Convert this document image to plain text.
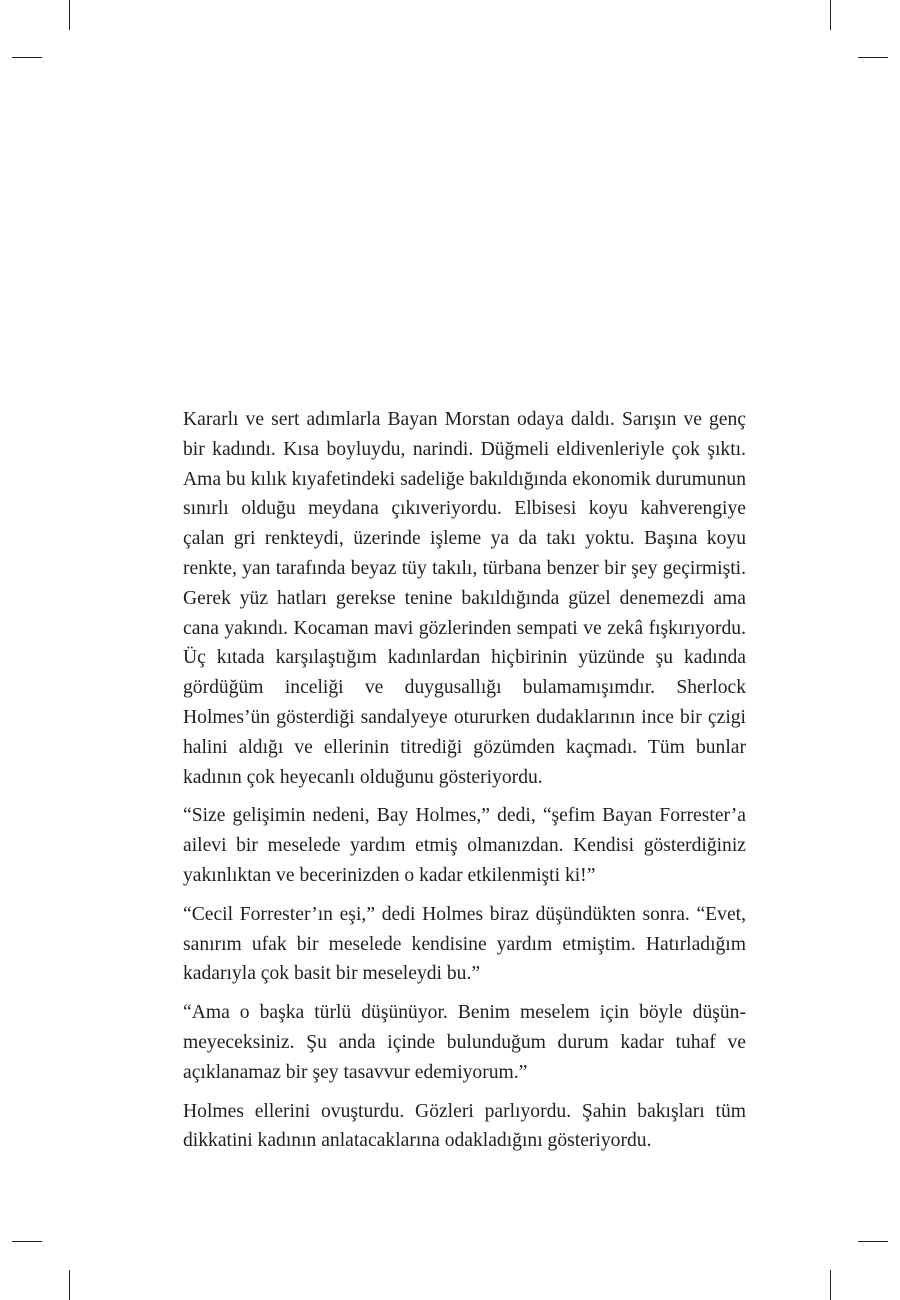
Kararlı ve sert adımlarla Bayan Morstan odaya daldı. Sarışın ve genç bir kadındı. Kısa boyluydu, narindi. Düğmeli eldivenleriyle çok şıktı. Ama bu kılık kıyafetindeki sadeliğe bakıldığında ekonomik durumunun sınırlı olduğu meydana çıkıveriyordu. Elbisesi koyu kahverengiye çalan gri renkteydi, üzerinde işleme ya da takı yoktu. Başına koyu renkte, yan tarafında beyaz tüy takılı, türbana benzer bir şey geçirmişti. Gerek yüz hatları gerekse tenine bakıldığında güzel denemezdi ama cana yakındı. Kocaman mavi gözlerinden sempati ve zekâ fışkırıyordu. Üç kıtada karşılaştığım kadınlardan hiçbirinin yüzünde şu kadında gördüğüm inceliği ve duygusallığı bulamamışımdır. Sherlock Holmes’ün gösterdiği sandalyeye otururken dudaklarının ince bir çzigi halini aldığı ve ellerinin titrediği gözümden kaçmadı. Tüm bunlar kadının çok heyecanlı olduğunu gösteriyordu.

“Size gelişimin nedeni, Bay Holmes,” dedi, “şefim Bayan Forrester’a ailevi bir meselede yardım etmiş olmanızdan. Kendisi gösterdiğiniz yakınlıktan ve becerinizden o kadar etkilenmişti ki!”

“Cecil Forrester’ın eşi,” dedi Holmes biraz düşündükten sonra. “Evet, sanırım ufak bir meselede kendisine yardım etmiştim. Hatırladığım kadarıyla çok basit bir meseleydi bu.”

“Ama o başka türlü düşünüyor. Benim meselem için böyle düşünmeyeceksiniz. Şu anda içinde bulunduğum durum kadar tuhaf ve açıklanamaz bir şey tasavvur edemiyorum.”

Holmes ellerini ovuşturdu. Gözleri parlıyordu. Şahin bakışları tüm dikkatini kadının anlatacaklarına odakladığını gösteriyordu.
